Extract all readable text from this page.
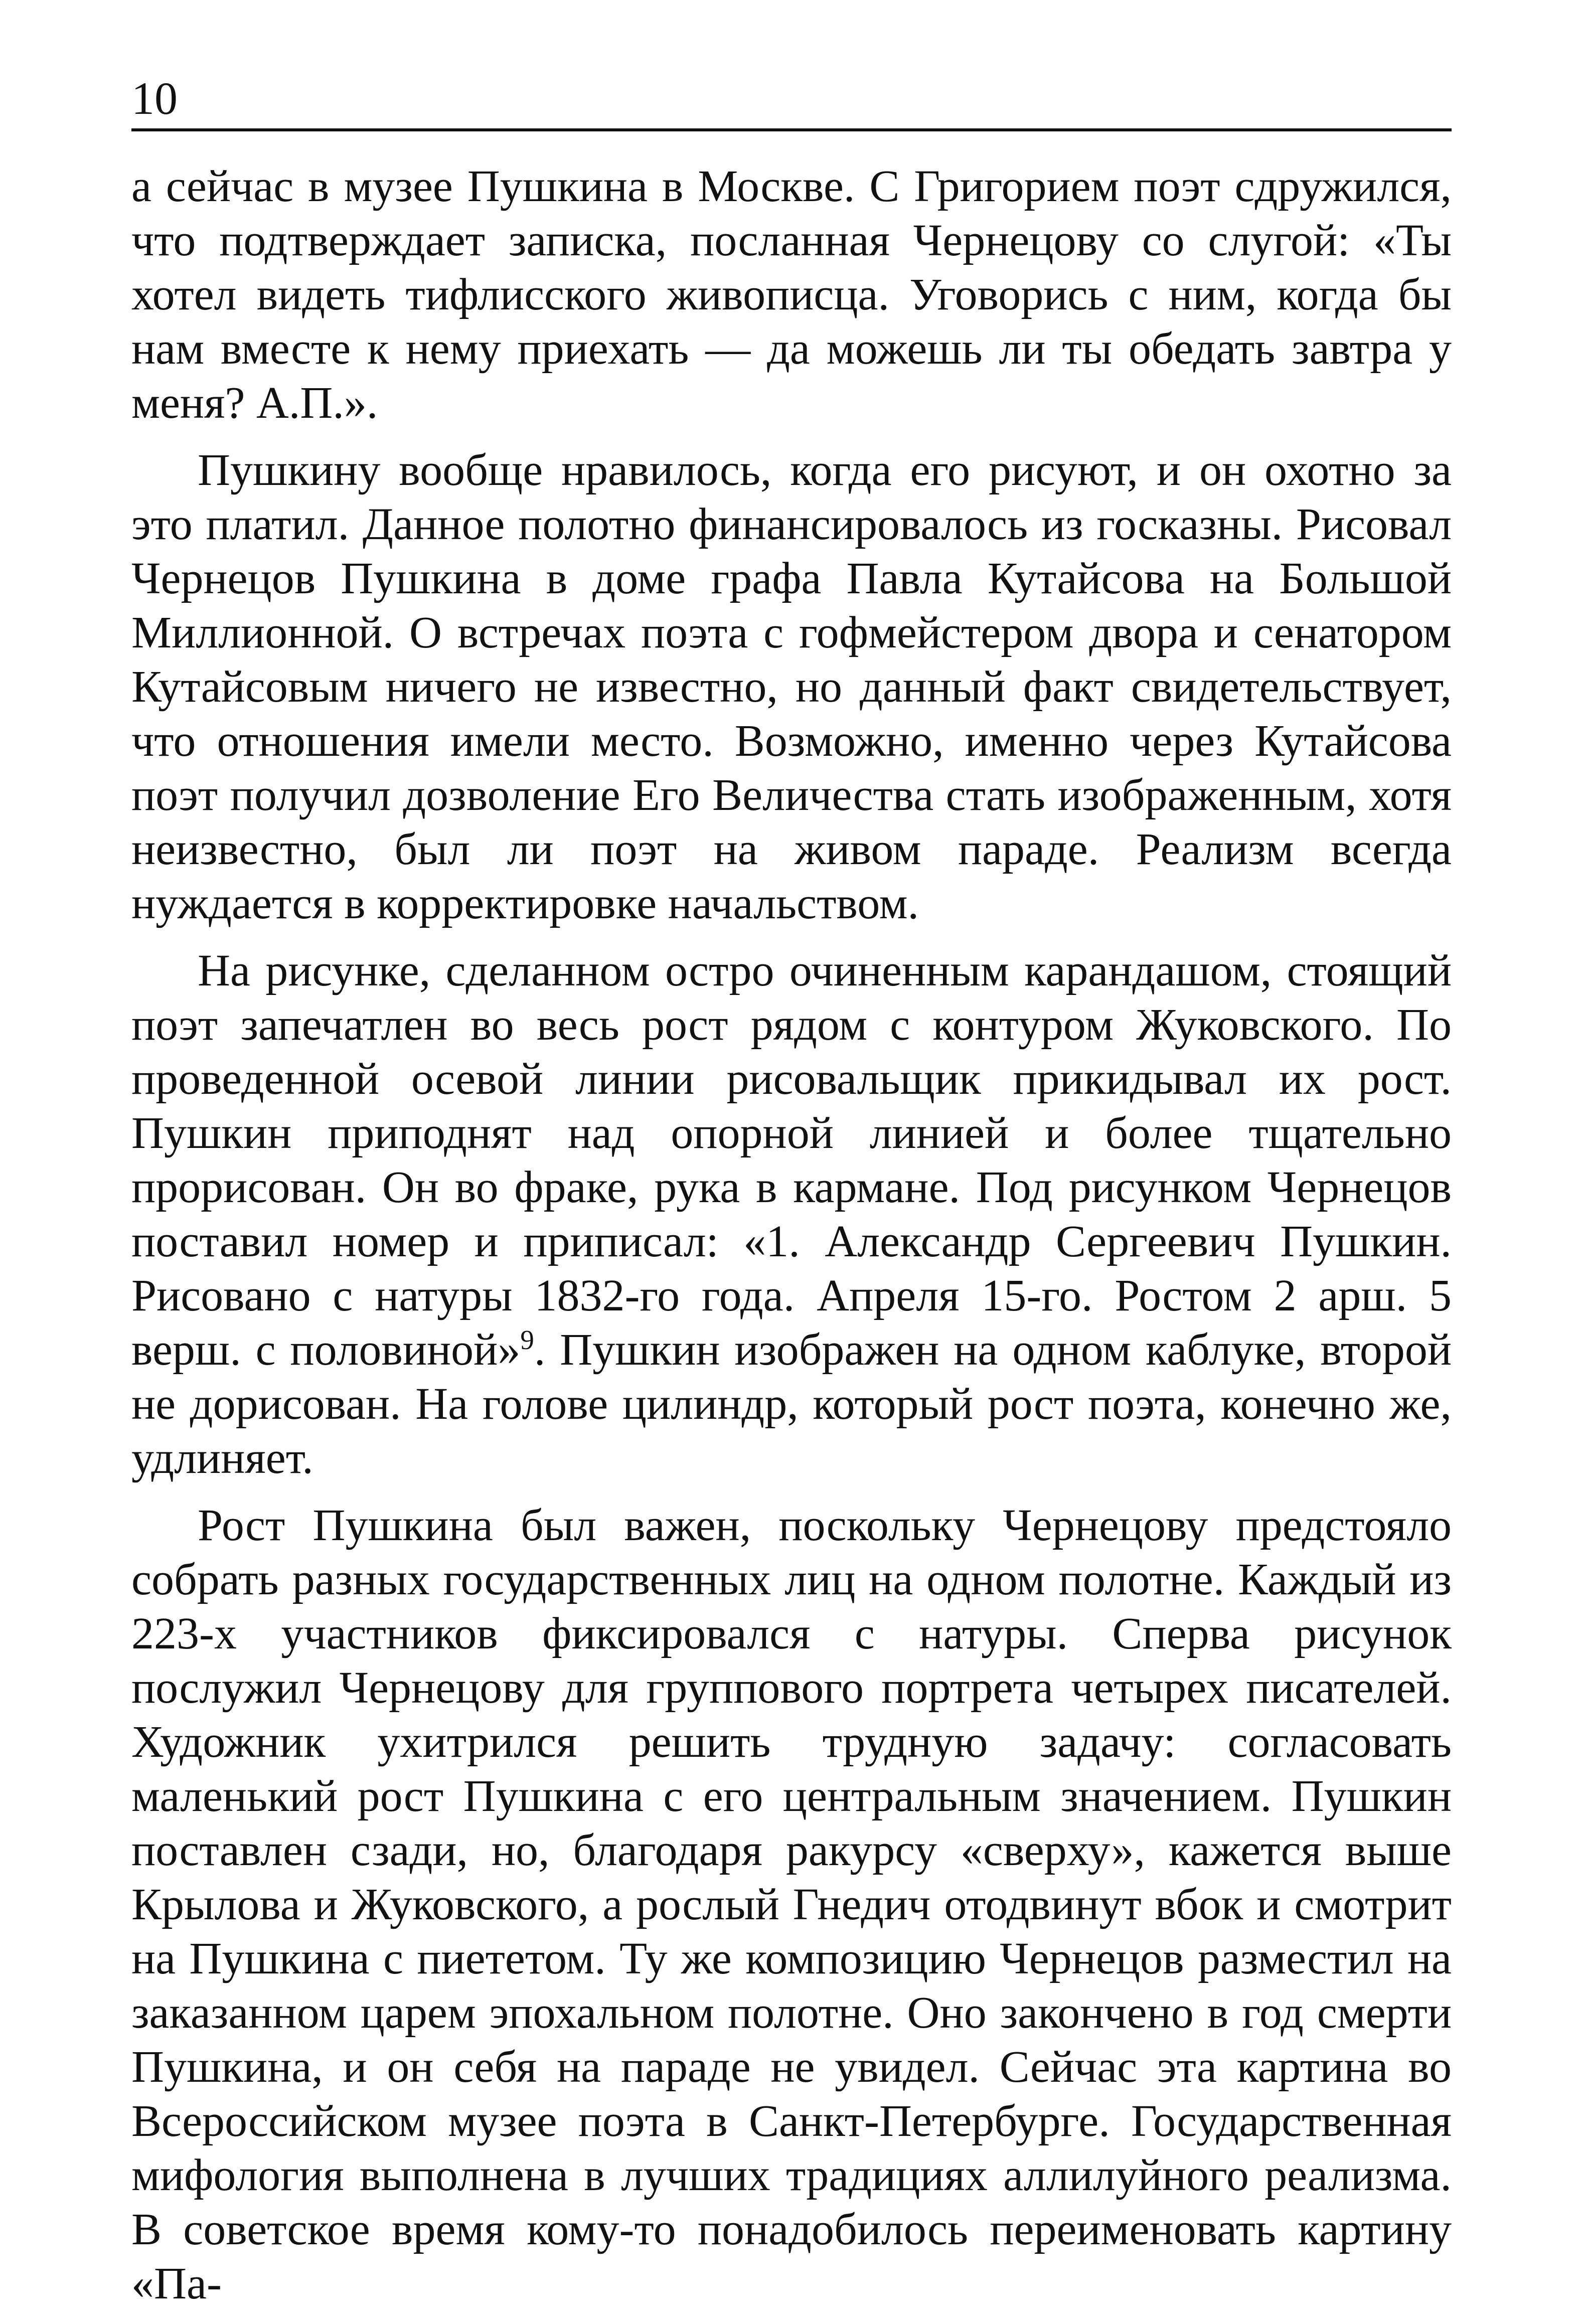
10

а сейчас в музее Пушкина в Москве. С Григорием поэт сдружился, что подтверждает записка, посланная Чернецову со слугой: «Ты хотел видеть тифлисского живописца. Уговорись с ним, когда бы нам вместе к нему приехать — да можешь ли ты обедать завтра у меня? А.П.».

Пушкину вообще нравилось, когда его рисуют, и он охотно за это платил. Данное полотно финансировалось из госказны. Рисовал Чернецов Пушкина в доме графа Павла Кутайсова на Большой Миллионной. О встречах поэта с гофмейстером двора и сенатором Кутайсовым ничего не известно, но данный факт свидетельствует, что отношения имели место. Возможно, именно через Кутайсова поэт получил дозволение Его Величества стать изображенным, хотя неизвестно, был ли поэт на живом параде. Реализм всегда нуждается в корректировке начальством.

На рисунке, сделанном остро очиненным карандашом, стоящий поэт запечатлен во весь рост рядом с контуром Жуковского. По проведенной осевой линии рисовальщик прикидывал их рост. Пушкин приподнят над опорной линией и более тщательно прорисован. Он во фраке, рука в кармане. Под рисунком Чернецов поставил номер и приписал: «1. Александр Сергеевич Пушкин. Рисовано с натуры 1832-го года. Апреля 15-го. Ростом 2 арш. 5 верш. с половиной»$^9$. Пушкин изображен на одном каблуке, второй не дорисован. На голове цилиндр, который рост поэта, конечно же, удлиняет.

Рост Пушкина был важен, поскольку Чернецову предстояло собрать разных государственных лиц на одном полотне. Каждый из 223-х участников фиксировался с натуры. Сперва рисунок послужил Чернецову для группового портрета четырех писателей. Художник ухитрился решить трудную задачу: согласовать маленький рост Пушкина с его центральным значением. Пушкин поставлен сзади, но, благодаря ракурсу «сверху», кажется выше Крылова и Жуковского, а рослый Гнедич отодвинут вбок и смотрит на Пушкина с пиететом. Ту же композицию Чернецов разместил на заказанном царем эпохальном полотне. Оно закончено в год смерти Пушкина, и он себя на параде не увидел. Сейчас эта картина во Всероссийском музее поэта в Санкт-Петербурге. Государственная мифология выполнена в лучших традициях аллилуйного реализма. В советское время кому-то понадобилось переименовать картину «Па-
